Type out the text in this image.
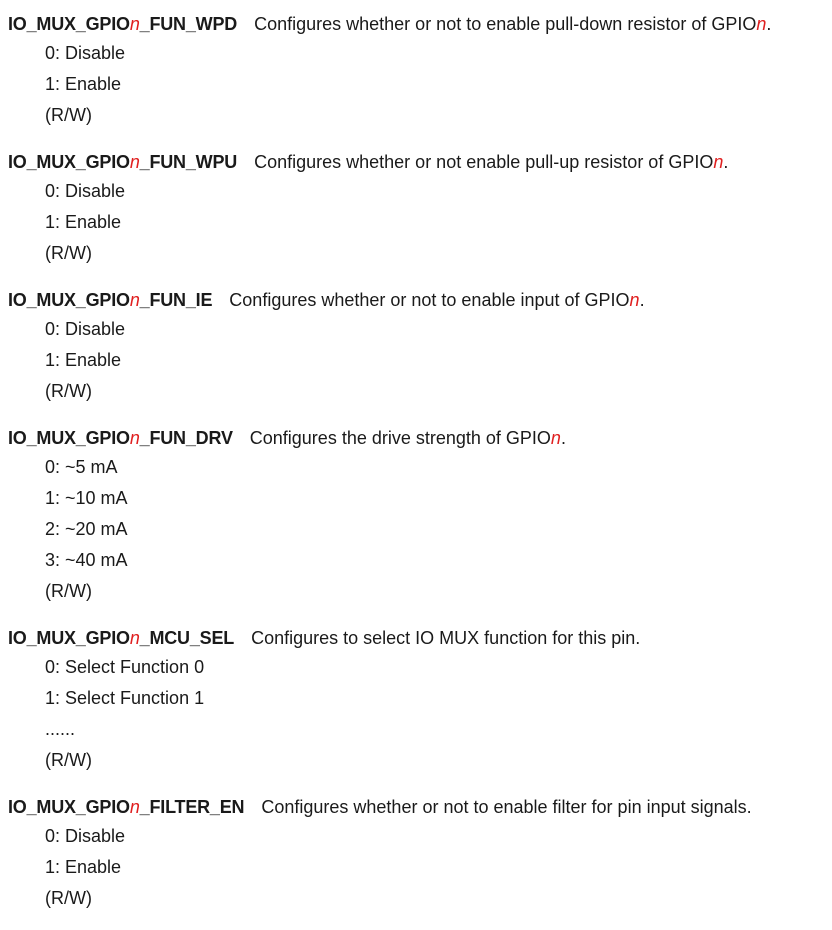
IO_MUX_GPIOn_FUN_WPD Configures whether or not to enable pull-down resistor of GPIOn.
0: Disable
1: Enable
(R/W)
IO_MUX_GPIOn_FUN_WPU Configures whether or not enable pull-up resistor of GPIOn.
0: Disable
1: Enable
(R/W)
IO_MUX_GPIOn_FUN_IE Configures whether or not to enable input of GPIOn.
0: Disable
1: Enable
(R/W)
IO_MUX_GPIOn_FUN_DRV Configures the drive strength of GPIOn.
0: ~5 mA
1: ~10 mA
2: ~20 mA
3: ~40 mA
(R/W)
IO_MUX_GPIOn_MCU_SEL Configures to select IO MUX function for this pin.
0: Select Function 0
1: Select Function 1
......
(R/W)
IO_MUX_GPIOn_FILTER_EN Configures whether or not to enable filter for pin input signals.
0: Disable
1: Enable
(R/W)
